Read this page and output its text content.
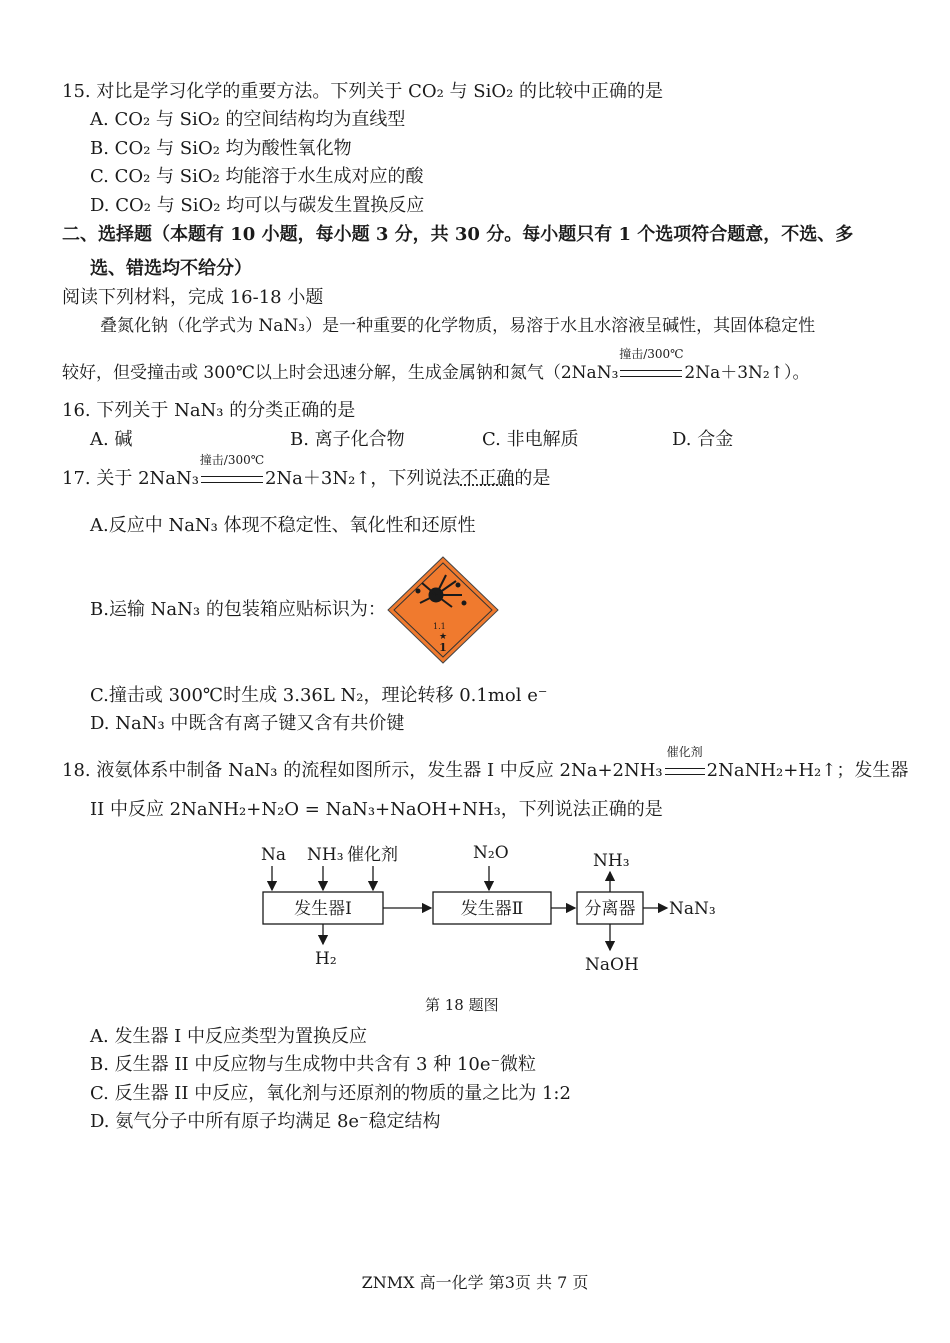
15. 对比是学习化学的重要方法。下列关于 CO₂ 与 SiO₂ 的比较中正确的是
A. CO₂ 与 SiO₂ 的空间结构均为直线型
B. CO₂ 与 SiO₂ 均为酸性氧化物
C. CO₂ 与 SiO₂ 均能溶于水生成对应的酸
D. CO₂ 与 SiO₂ 均可以与碳发生置换反应
二、选择题（本题有 10 小题，每小题 3 分，共 30 分。每小题只有 1 个选项符合题意，不选、多
选、错选均不给分）
阅读下列材料，完成 16-18 小题
叠氮化钠（化学式为 NaN₃）是一种重要的化学物质，易溶于水且水溶液呈碱性，其固体稳定性
较好，但受撞击或 300℃以上时会迅速分解，生成金属钠和氮气（2NaN₃
撞击/300℃
2Na＋3N₂↑）。
16. 下列关于 NaN₃ 的分类正确的是
A. 碱	B. 离子化合物	C. 非电解质	D. 合金
17. 关于 2NaN₃
撞击/300℃
2Na＋3N₂↑，下列说法不正确的是
A.反应中 NaN₃ 体现不稳定性、氧化性和还原性
B.运输 NaN₃ 的包装箱应贴标识为：
1.1
★
1
C.撞击或 300℃时生成 3.36L N₂，理论转移 0.1mol e⁻
D. NaN₃ 中既含有离子键又含有共价键
18. 液氨体系中制备 NaN₃ 的流程如图所示，发生器 I 中反应 2Na+2NH₃
催化剂
2NaNH₂+H₂↑；发生器
II 中反应 2NaNH₂+N₂O = NaN₃+NaOH+NH₃，下列说法正确的是
Na NH₃ 催化剂	N₂O
发生器Ⅰ	发生器Ⅱ	分离器 NaN₃
H₂
NH₃
NaOH
第 18 题图
A. 发生器 I 中反应类型为置换反应
B. 反生器 II 中反应物与生成物中共含有 3 种 10e⁻微粒
C. 反生器 II 中反应，氧化剂与还原剂的物质的量之比为 1:2
D. 氨气分子中所有原子均满足 8e⁻稳定结构
ZNMX 高一化学 第3页 共 7 页
